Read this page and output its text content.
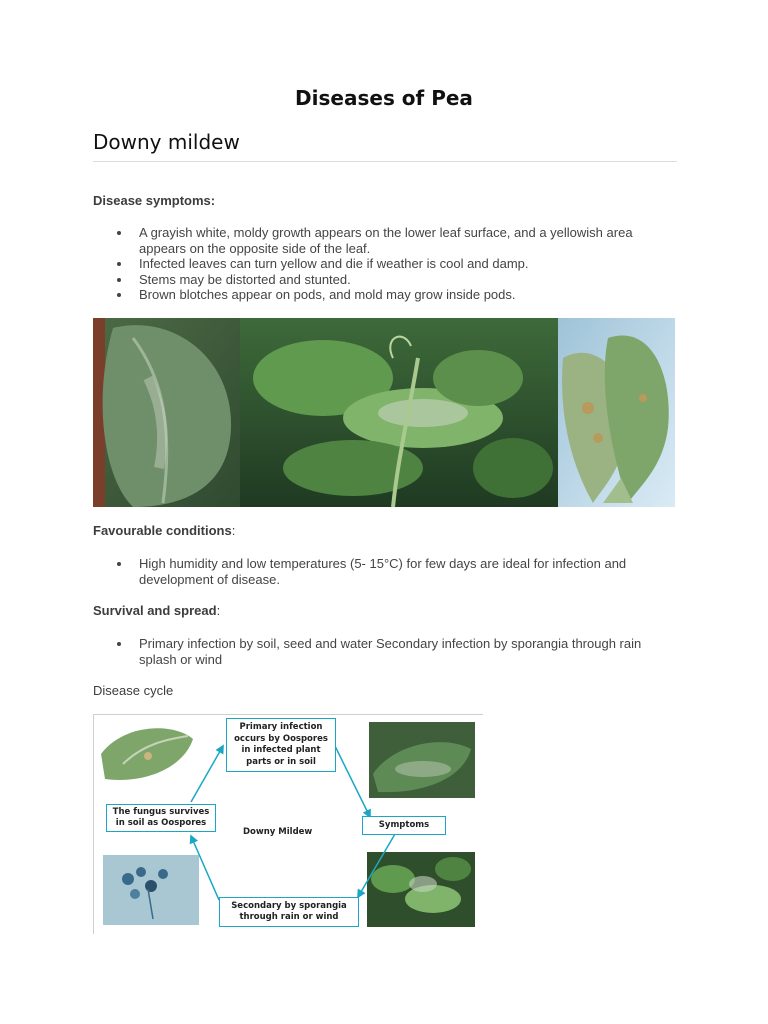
Diseases of Pea
Downy mildew
Disease symptoms:
A grayish white, moldy growth appears on the lower leaf surface, and a yellowish area appears on the opposite side of the leaf.
Infected leaves can turn yellow and die if weather is cool and damp.
Stems may be distorted and stunted.
Brown blotches appear on pods, and mold may grow inside pods.
Favourable conditions:
High humidity and low temperatures (5- 15°C) for few days are ideal for infection and development of disease.
Survival and spread:
Primary infection by soil, seed and water Secondary infection by sporangia through rain splash or wind
Disease cycle
Primary infection occurs by Oospores in infected plant parts or in soil
Symptoms
Secondary by sporangia through rain or wind
The fungus survives in soil as Oospores
Downy Mildew
